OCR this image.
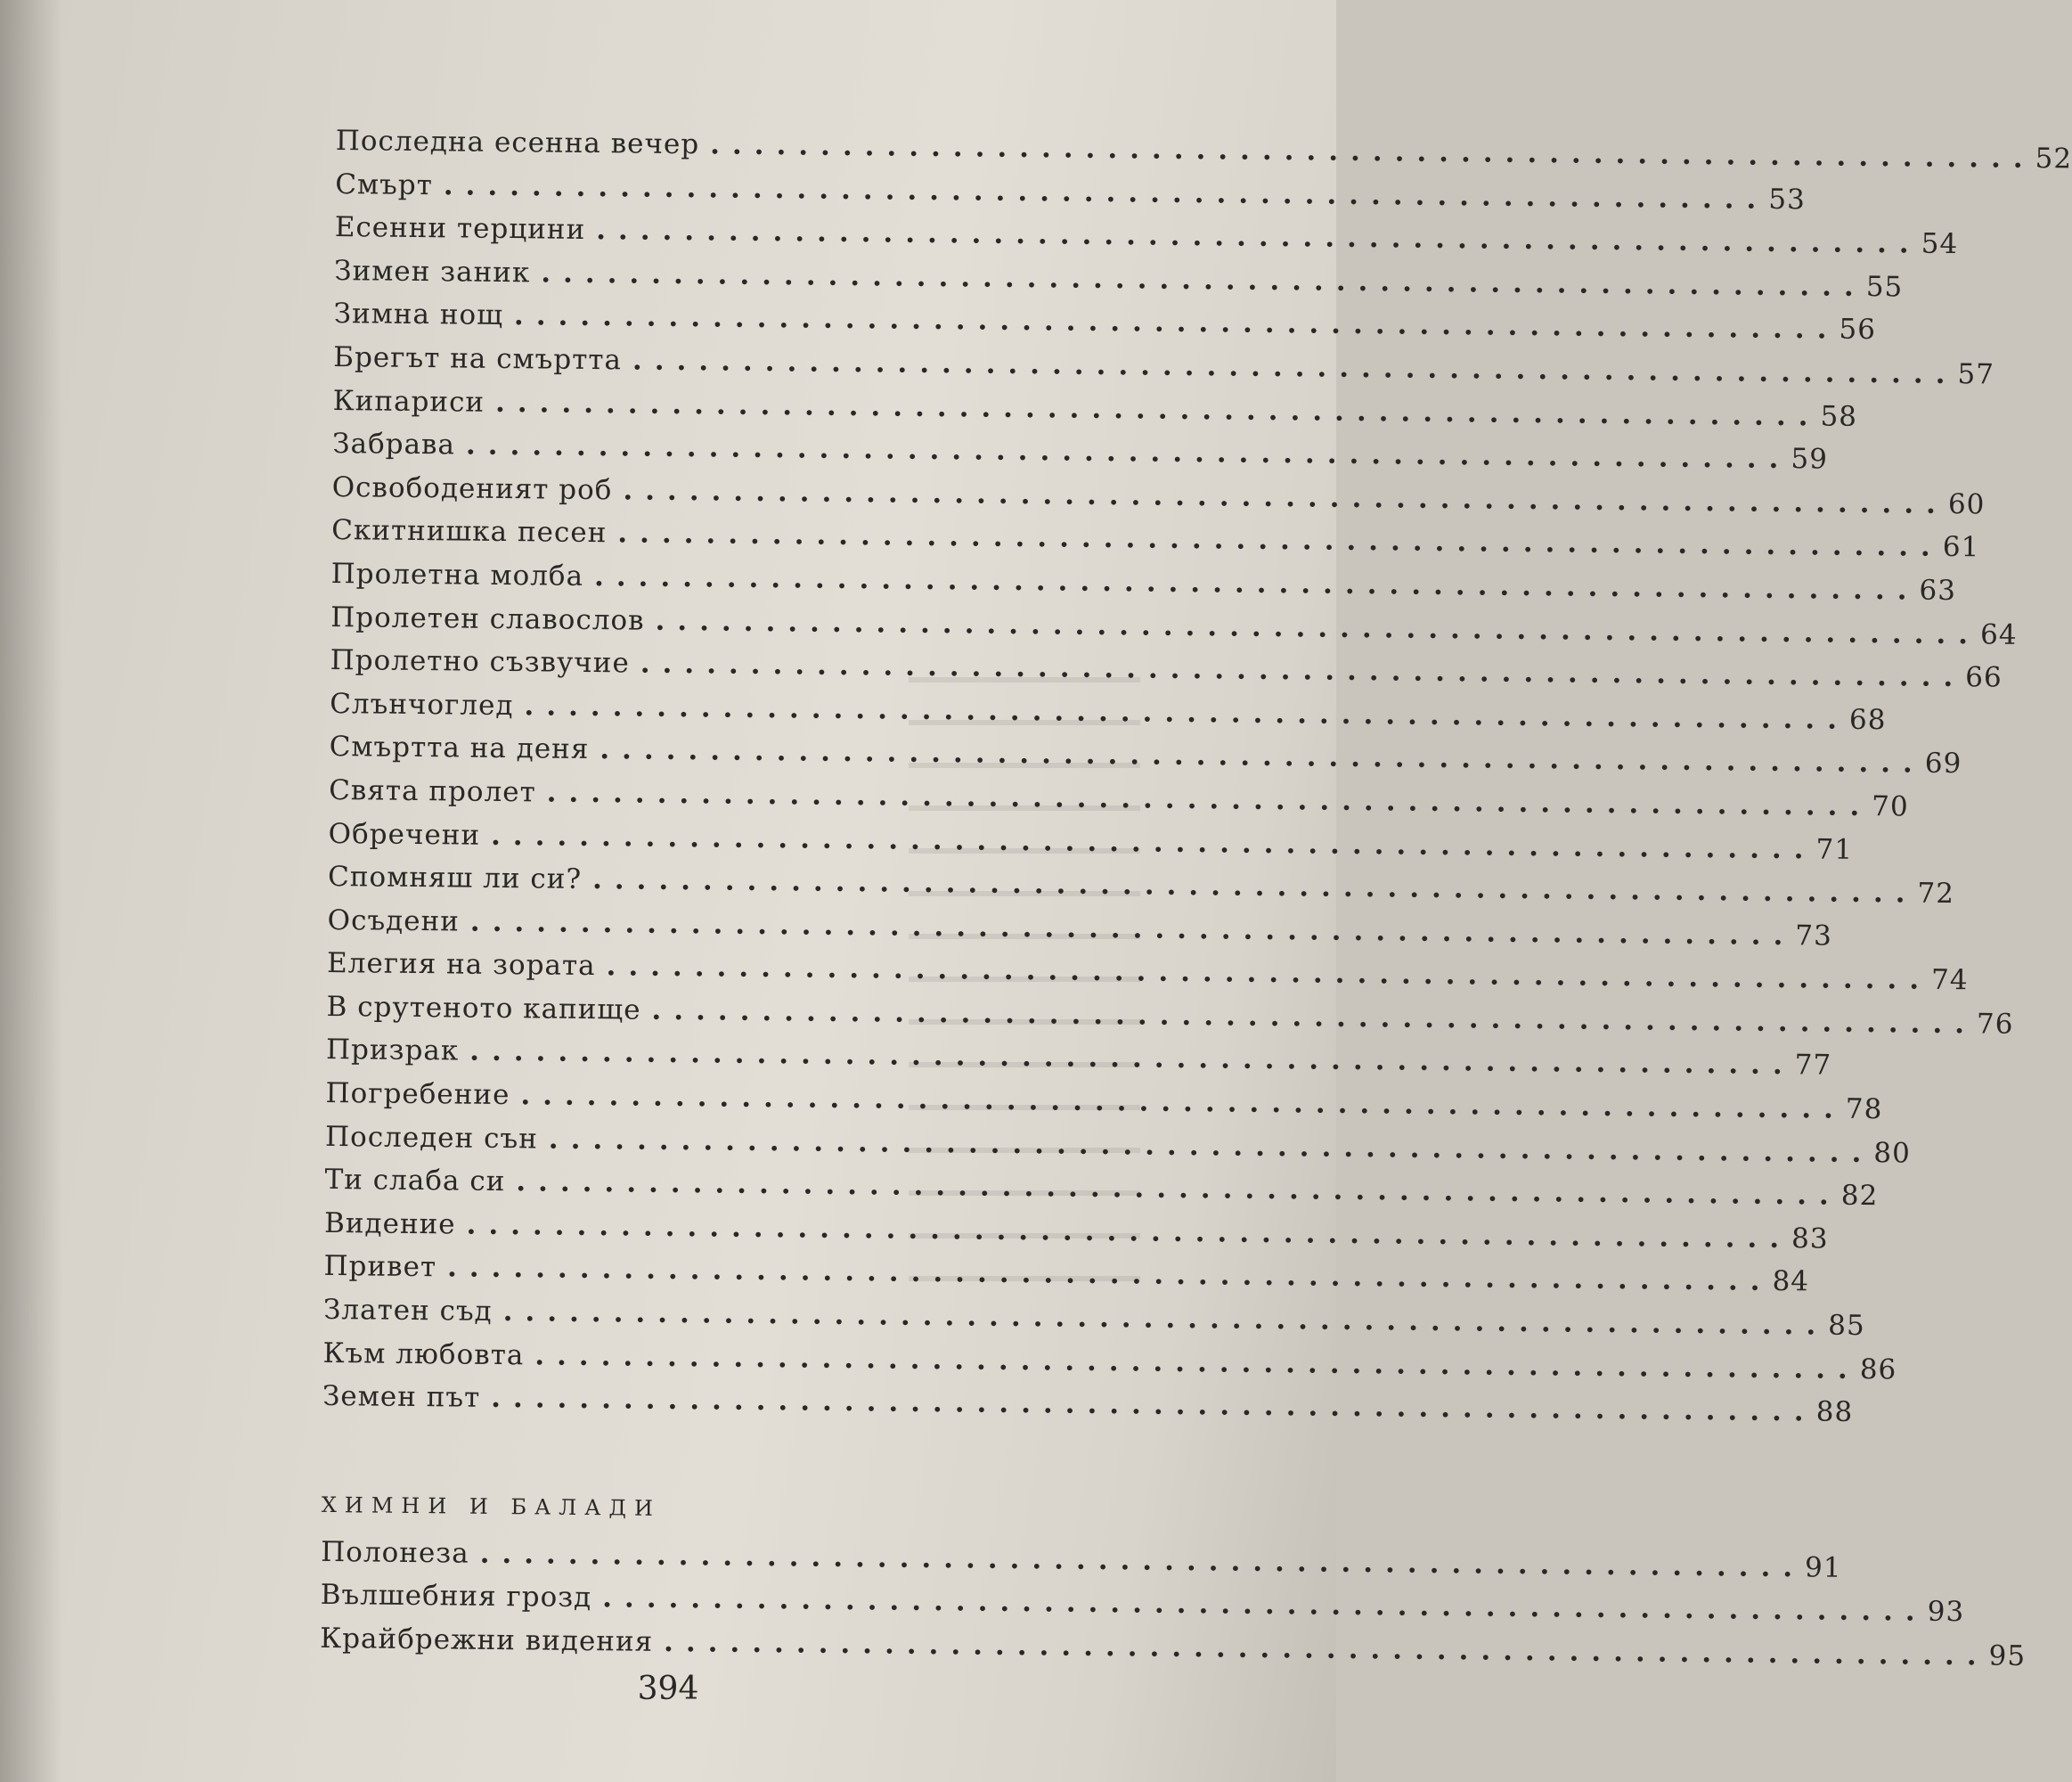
Последна есенна вечер ............................................................ 52
Смърт ............................................................ 53
Есенни терцини ............................................................ 54
Зимен заник ............................................................ 55
Зимна нощ ............................................................ 56
Брегът на смъртта ............................................................ 57
Кипариси ............................................................ 58
Забрава ............................................................ 59
Освободеният роб ............................................................ 60
Скитнишка песен ............................................................ 61
Пролетна молба ............................................................ 63
Пролетен славослов ............................................................ 64
Пролетно съзвучие ............................................................ 66
Слънчоглед ............................................................ 68
Смъртта на деня ............................................................ 69
Свята пролет ............................................................ 70
Обречени ............................................................ 71
Спомняш ли си? ............................................................ 72
Осъдени ............................................................ 73
Елегия на зората ............................................................ 74
В срутеното капище ............................................................ 76
Призрак ............................................................ 77
Погребение ............................................................ 78
Последен сън ............................................................ 80
Ти слаба си ............................................................ 82
Видение ............................................................ 83
Привет ............................................................ 84
Златен съд ............................................................ 85
Към любовта ............................................................ 86
Земен път ............................................................ 88
ХИМНИ И БАЛАДИ
Полонеза ............................................................ 91
Вълшебния грозд ............................................................ 93
Крайбрежни видения ............................................................ 95
394
